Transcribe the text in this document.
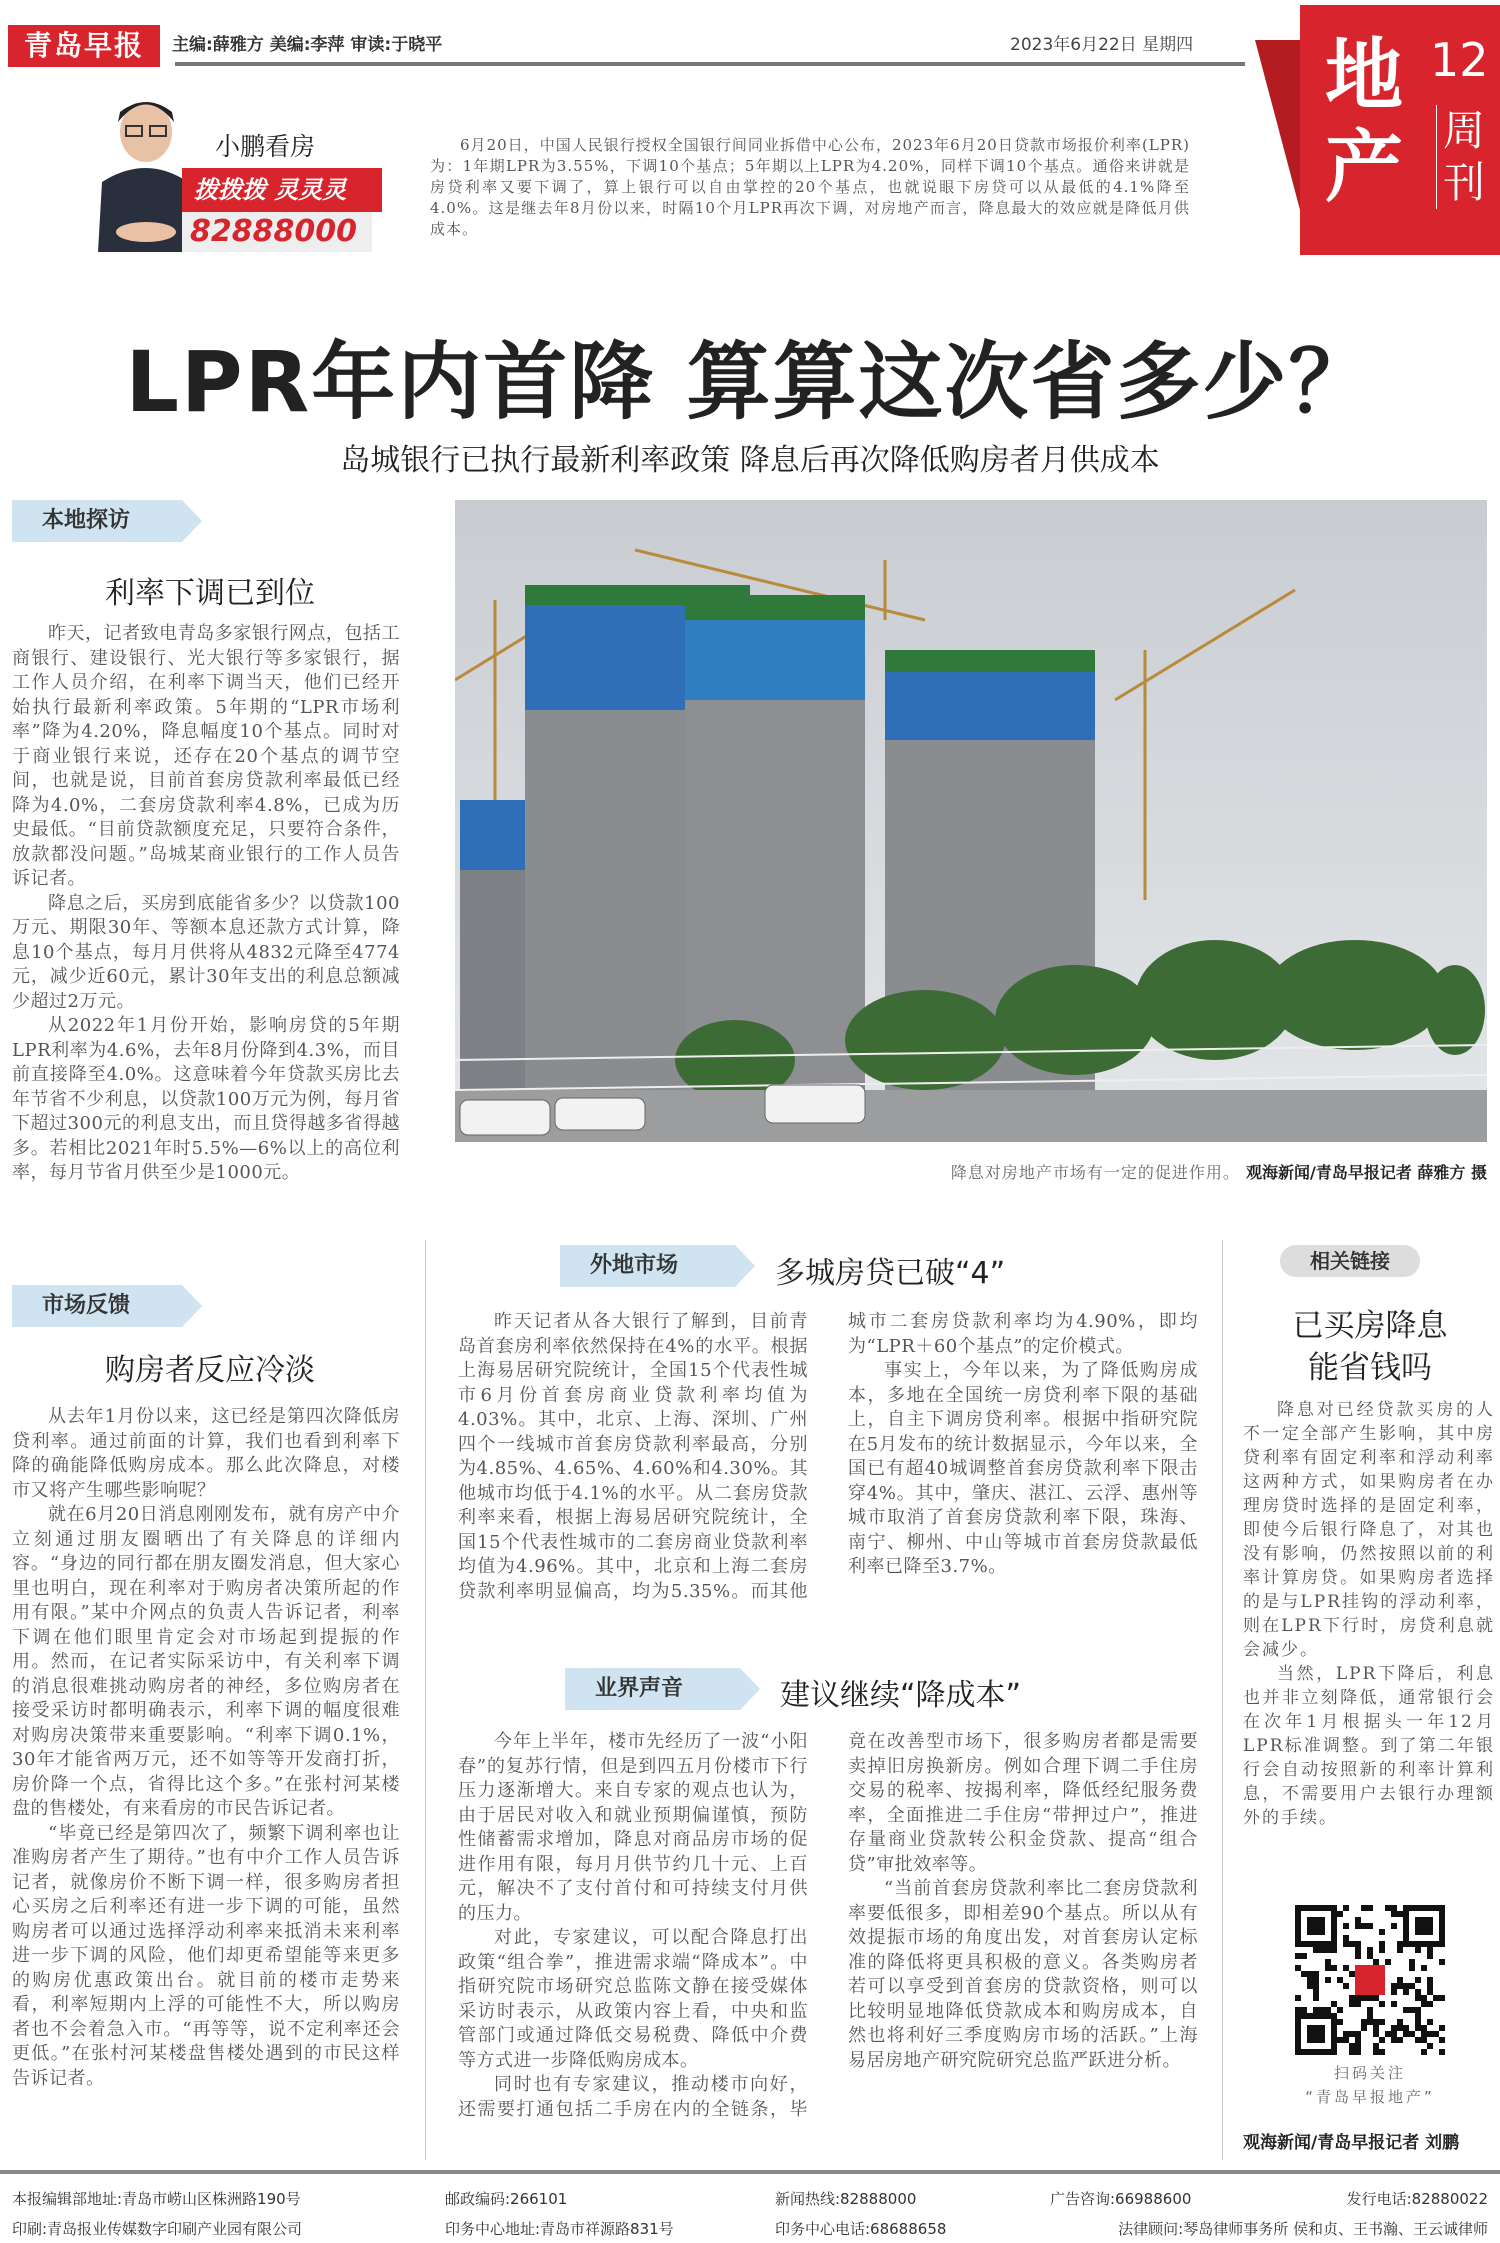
青岛早报	主编:薛雅方 美编:李萍 审读:于晓平	2023年6月22日 星期四 地产
12
周刊
小鹏看房
拨拨拨 灵灵灵
82888000
6月20日，中国人民银行授权全国银行间同业拆借中心公布，2023年6月20日贷款市场报价利率(LPR)为：1年期LPR为3.55%，下调10个基点；5年期以上LPR为4.20%，同样下调10个基点。通俗来讲就是房贷利率又要下调了，算上银行可以自由掌控的20个基点，也就说眼下房贷可以从最低的4.1%降至4.0%。这是继去年8月份以来，时隔10个月LPR再次下调，对房地产而言，降息最大的效应就是降低月供成本。
LPR年内首降 算算这次省多少？
岛城银行已执行最新利率政策 降息后再次降低购房者月供成本
本地探访
利率下调已到位

昨天，记者致电青岛多家银行网点，包括工商银行、建设银行、光大银行等多家银行，据工作人员介绍，在利率下调当天，他们已经开始执行最新利率政策。5年期的“LPR市场利率”降为4.20%，降息幅度10个基点。同时对于商业银行来说，还存在20个基点的调节空间，也就是说，目前首套房贷款利率最低已经降为4.0%，二套房贷款利率4.8%，已成为历史最低。“目前贷款额度充足，只要符合条件，放款都没问题。”岛城某商业银行的工作人员告诉记者。

降息之后，买房到底能省多少？以贷款100万元、期限30年、等额本息还款方式计算，降息10个基点，每月月供将从4832元降至4774元，减少近60元，累计30年支出的利息总额减少超过2万元。

从2022年1月份开始，影响房贷的5年期LPR利率为4.6%，去年8月份降到4.3%，而目前直接降至4.0%。这意味着今年贷款买房比去年节省不少利息，以贷款100万元为例，每月省下超过300元的利息支出，而且贷得越多省得越多。若相比2021年时5.5%—6%以上的高位利率，每月节省月供至少是1000元。	降息对房地产市场有一定的促进作用。 观海新闻/青岛早报记者 薛雅方 摄
市场反馈
购房者反应冷淡

从去年1月份以来，这已经是第四次降低房贷利率。通过前面的计算，我们也看到利率下降的确能降低购房成本。那么此次降息，对楼市又将产生哪些影响呢？

就在6月20日消息刚刚发布，就有房产中介立刻通过朋友圈晒出了有关降息的详细内容。“身边的同行都在朋友圈发消息，但大家心里也明白，现在利率对于购房者决策所起的作用有限。”某中介网点的负责人告诉记者，利率下调在他们眼里肯定会对市场起到提振的作用。然而，在记者实际采访中，有关利率下调的消息很难挑动购房者的神经，多位购房者在接受采访时都明确表示，利率下调的幅度很难对购房决策带来重要影响。“利率下调0.1%，30年才能省两万元，还不如等等开发商打折，房价降一个点，省得比这个多。”在张村河某楼盘的售楼处，有来看房的市民告诉记者。

“毕竟已经是第四次了，频繁下调利率也让准购房者产生了期待。”也有中介工作人员告诉记者，就像房价不断下调一样，很多购房者担心买房之后利率还有进一步下调的可能，虽然购房者可以通过选择浮动利率来抵消未来利率进一步下调的风险，他们却更希望能等来更多的购房优惠政策出台。就目前的楼市走势来看，利率短期内上浮的可能性不大，所以购房者也不会着急入市。“再等等，说不定利率还会更低。”在张村河某楼盘售楼处遇到的市民这样告诉记者。

外地市场	多城房贷已破“4”

昨天记者从各大银行了解到，目前青岛首套房利率依然保持在4%的水平。根据上海易居研究院统计，全国15个代表性城市6月份首套房商业贷款利率均值为4.03%。其中，北京、上海、深圳、广州四个一线城市首套房贷款利率最高，分别为4.85%、4.65%、4.60%和4.30%。其他城市均低于4.1%的水平。从二套房贷款利率来看，根据上海易居研究院统计，全国15个代表性城市的二套房商业贷款利率均值为4.96%。其中，北京和上海二套房贷款利率明显偏高，均为5.35%。而其他城市二套房贷款利率均为4.90%，即均为“LPR＋60个基点”的定价模式。

事实上，今年以来，为了降低购房成本，多地在全国统一房贷利率下限的基础上，自主下调房贷利率。根据中指研究院在5月发布的统计数据显示，今年以来，全国已有超40城调整首套房贷款利率下限击穿4%。其中，肇庆、湛江、云浮、惠州等城市取消了首套房贷款利率下限，珠海、南宁、柳州、中山等城市首套房贷款最低利率已降至3.7%。

业界声音	建议继续“降成本”

今年上半年，楼市先经历了一波“小阳春”的复苏行情，但是到四五月份楼市下行压力逐渐增大。来自专家的观点也认为，由于居民对收入和就业预期偏谨慎，预防性储蓄需求增加，降息对商品房市场的促进作用有限，每月月供节约几十元、上百元，解决不了支付首付和可持续支付月供的压力。

对此，专家建议，可以配合降息打出政策“组合拳”，推进需求端“降成本”。中指研究院市场研究总监陈文静在接受媒体采访时表示，从政策内容上看，中央和监管部门或通过降低交易税费、降低中介费等方式进一步降低购房成本。

同时也有专家建议，推动楼市向好，还需要打通包括二手房在内的全链条，毕竟在改善型市场下，很多购房者都是需要卖掉旧房换新房。例如合理下调二手住房交易的税率、按揭利率，降低经纪服务费率，全面推进二手住房“带押过户”，推进存量商业贷款转公积金贷款、提高“组合贷”审批效率等。

“当前首套房贷款利率比二套房贷款利率要低很多，即相差90个基点。所以从有效提振市场的角度出发，对首套房认定标准的降低将更具积极的意义。各类购房者若可以享受到首套房的贷款资格，则可以比较明显地降低贷款成本和购房成本，自然也将利好三季度购房市场的活跃。”上海易居房地产研究院研究总监严跃进分析。

相关链接
已买房降息
能省钱吗

降息对已经贷款买房的人不一定全部产生影响，其中房贷利率有固定利率和浮动利率这两种方式，如果购房者在办理房贷时选择的是固定利率，即使今后银行降息了，对其也没有影响，仍然按照以前的利率计算房贷。如果购房者选择的是与LPR挂钩的浮动利率，则在LPR下行时，房贷利息就会减少。

当然，LPR下降后，利息也并非立刻降低，通常银行会在次年1月根据头一年12月LPR标准调整。到了第二年银行会自动按照新的利率计算利息，不需要用户去银行办理额外的手续。

扫码关注
“青岛早报地产”
观海新闻/青岛早报记者 刘鹏
本报编辑部地址:青岛市崂山区株洲路190号	邮政编码:266101	新闻热线:82888000	广告咨询:66988600	发行电话:82880022
印刷:青岛报业传媒数字印刷产业园有限公司	印务中心地址:青岛市祥源路831号	印务中心电话:68688658	法律顾问:琴岛律师事务所 侯和贞、王书瀚、王云诚律师
